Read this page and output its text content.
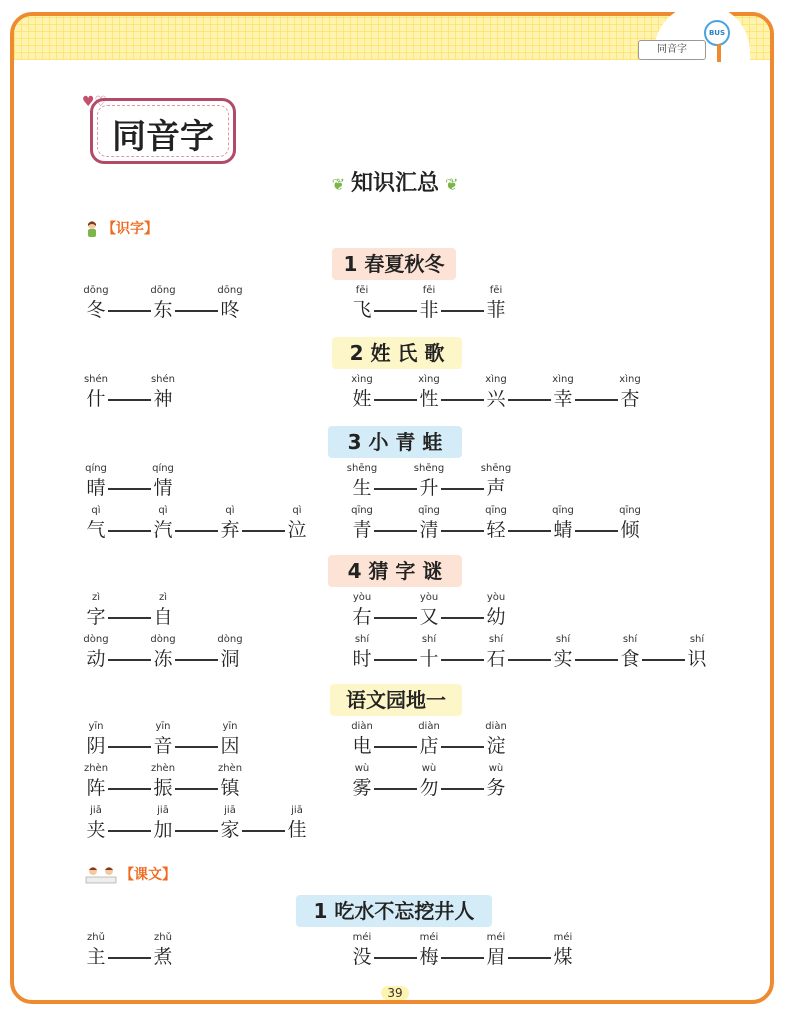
同音字
BUS
同音字
♥♡
❦ 知识汇总 ❦
【识字】
【课文】
1 春夏秋冬
2 姓 氏 歌
3 小 青 蛙
4 猜 字 谜
语文园地一
1 吃水不忘挖井人
dōng
冬
dōng
东
dōng
咚
fēi
飞
fēi
非
fēi
菲
shén
什
shén
神
xìng
姓
xìng
性
xìng
兴
xìng
幸
xìng
杏
qíng
晴
qíng
情
shēng
生
shēng
升
shēng
声
qì
气
qì
汽
qì
弃
qì
泣
qīng
青
qīng
清
qīng
轻
qīng
蜻
qīng
倾
zì
字
zì
自
yòu
右
yòu
又
yòu
幼
dòng
动
dòng
冻
dòng
洞
shí
时
shí
十
shí
石
shí
实
shí
食
shí
识
yīn
阴
yīn
音
yīn
因
diàn
电
diàn
店
diàn
淀
zhèn
阵
zhèn
振
zhèn
镇
wù
雾
wù
勿
wù
务
jiā
夹
jiā
加
jiā
家
jiā
佳
zhǔ
主
zhǔ
煮
méi
没
méi
梅
méi
眉
méi
煤
39
